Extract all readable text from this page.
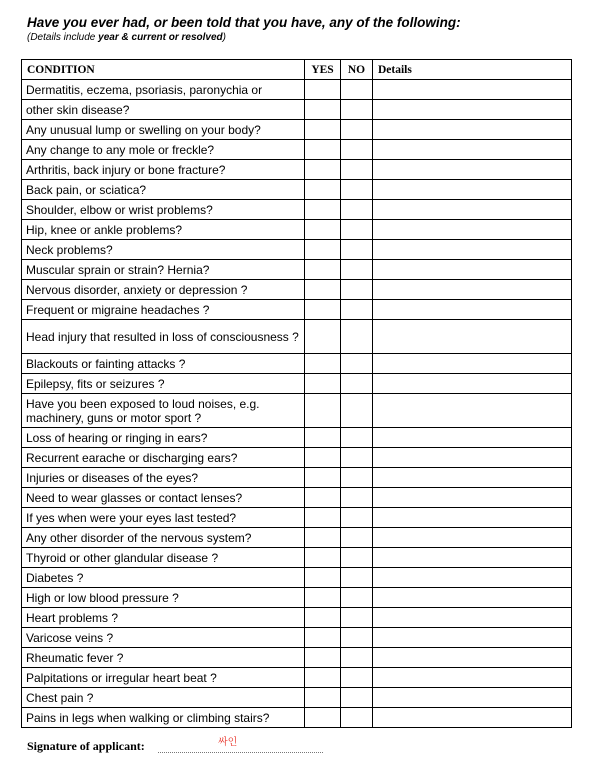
Have you ever had, or been told that you have, any of the following:
(Details include year & current or resolved)
CONDITION	YES	NO	Details
Dermatitis, eczema, psoriasis, paronychia or			
other skin disease?			
Any unusual lump or swelling on your body?			
Any change to any mole or freckle?			
Arthritis, back injury or bone fracture?			
Back pain, or sciatica?			
Shoulder, elbow or wrist problems?			
Hip, knee or ankle problems?			
Neck problems?			
Muscular sprain or strain? Hernia?			
Nervous disorder, anxiety or depression ?			
Frequent or migraine headaches ?			
Head injury that resulted in loss of consciousness ?			
Blackouts or fainting attacks ?			
Epilepsy, fits or seizures ?			
Have you been exposed to loud noises, e.g. machinery, guns or motor sport ?			
Loss of hearing or ringing in ears?			
Recurrent earache or discharging ears?			
Injuries or diseases of the eyes?			
Need to wear glasses or contact lenses?			
If yes when were your eyes last tested?			
Any other disorder of the nervous system?			
Thyroid or other glandular disease ?			
Diabetes ?			
High or low blood pressure ?			
Heart problems ?			
Varicose veins ?			
Rheumatic fever ?			
Palpitations or irregular heart beat ?			
Chest pain ?			
Pains in legs when walking or climbing stairs?			
Signature of applicant:	싸인
